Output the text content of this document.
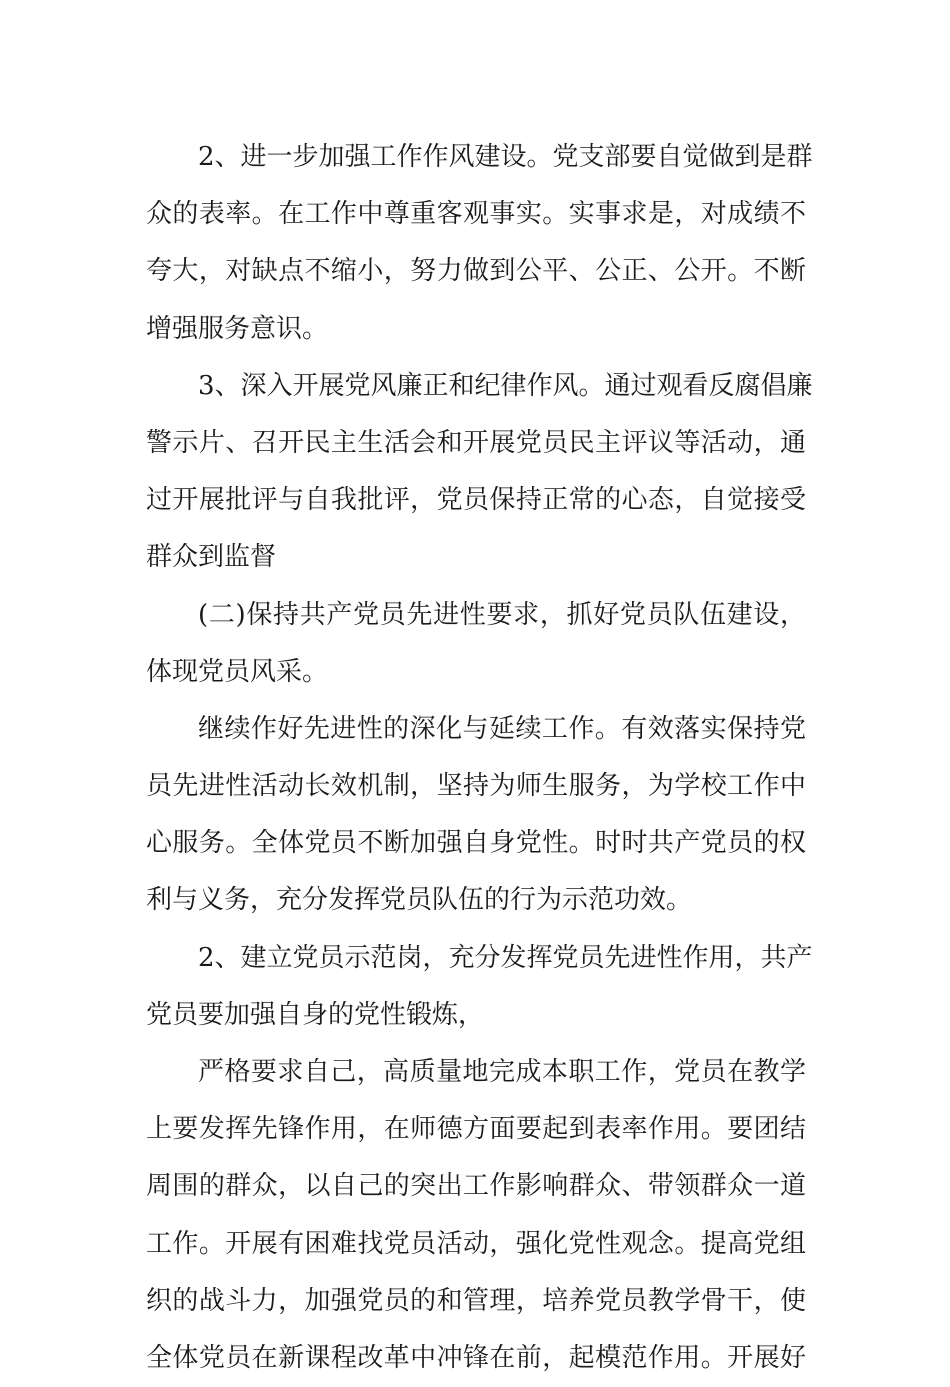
2、进一步加强工作作风建设。党支部要自觉做到是群
众的表率。在工作中尊重客观事实。实事求是，对成绩不
夸大，对缺点不缩小，努力做到公平、公正、公开。不断
增强服务意识。
3、深入开展党风廉正和纪律作风。通过观看反腐倡廉
警示片、召开民主生活会和开展党员民主评议等活动，通
过开展批评与自我批评，党员保持正常的心态，自觉接受
群众到监督
(二)保持共产党员先进性要求，抓好党员队伍建设，
体现党员风采。
继续作好先进性的深化与延续工作。有效落实保持党
员先进性活动长效机制，坚持为师生服务，为学校工作中
心服务。全体党员不断加强自身党性。时时共产党员的权
利与义务，充分发挥党员队伍的行为示范功效。
2、建立党员示范岗，充分发挥党员先进性作用，共产
党员要加强自身的党性锻炼，
严格要求自己，高质量地完成本职工作，党员在教学
上要发挥先锋作用，在师德方面要起到表率作用。要团结
周围的群众，以自己的突出工作影响群众、带领群众一道
工作。开展有困难找党员活动，强化党性观念。提高党组
织的战斗力，加强党员的和管理，培养党员教学骨干，使
全体党员在新课程改革中冲锋在前，起模范作用。开展好
